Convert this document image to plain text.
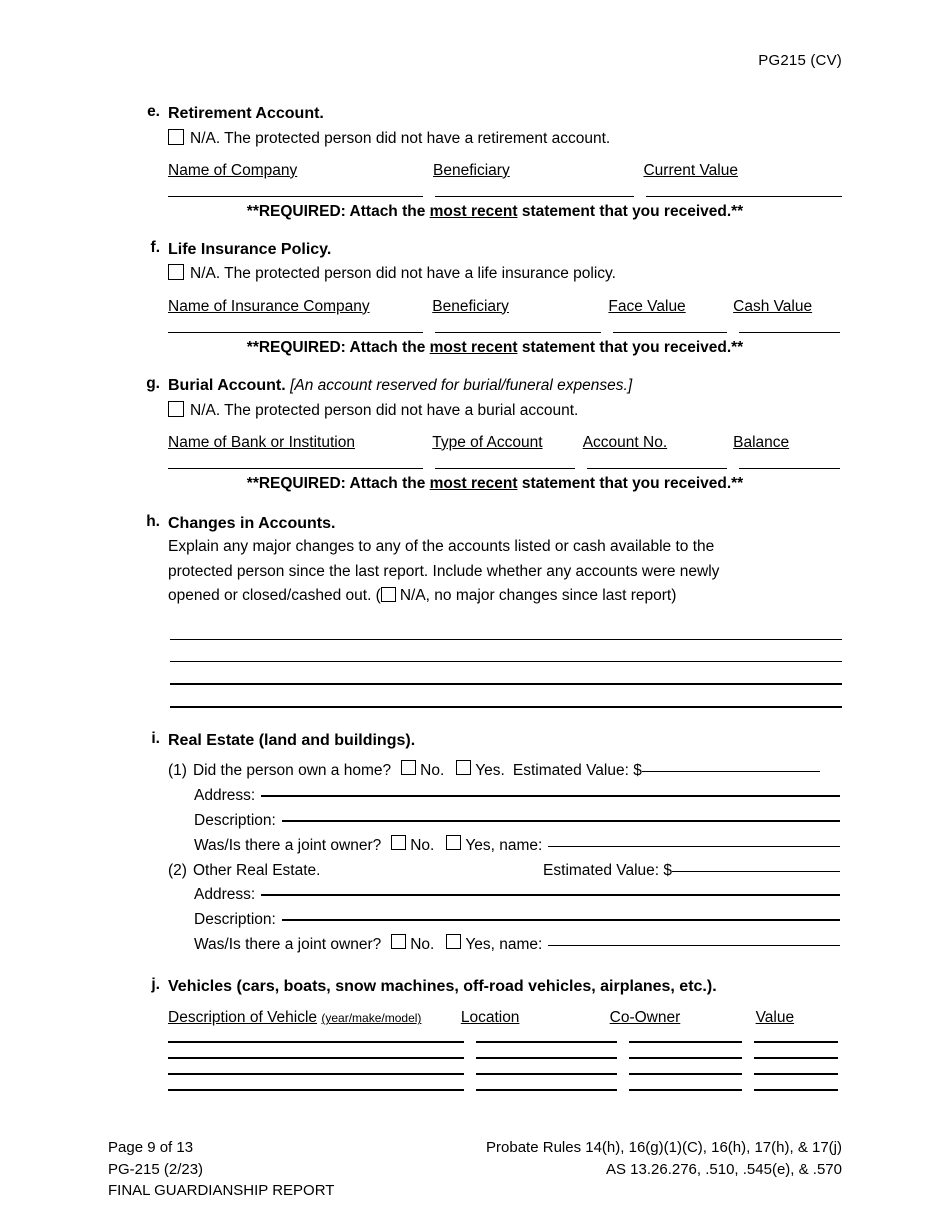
PG215 (CV)
e. Retirement Account.
N/A. The protected person did not have a retirement account.
Name of Company	Beneficiary	Current Value
**REQUIRED: Attach the most recent statement that you received.**
f. Life Insurance Policy.
N/A. The protected person did not have a life insurance policy.
Name of Insurance Company	Beneficiary	Face Value	Cash Value
**REQUIRED: Attach the most recent statement that you received.**
g. Burial Account. [An account reserved for burial/funeral expenses.]
N/A. The protected person did not have a burial account.
Name of Bank or Institution	Type of Account	Account No.	Balance
**REQUIRED: Attach the most recent statement that you received.**
h. Changes in Accounts.
Explain any major changes to any of the accounts listed or cash available to the
protected person since the last report. Include whether any accounts were newly
opened or closed/cashed out. ( N/A, no major changes since last report)
i. Real Estate (land and buildings).
(1) Did the person own a home? No. Yes. Estimated Value: $
Address:
Description:
Was/Is there a joint owner? No. Yes, name:
(2) Other Real Estate.	Estimated Value: $
Address:
Description:
Was/Is there a joint owner? No. Yes, name:
j. Vehicles (cars, boats, snow machines, off-road vehicles, airplanes, etc.).
Description of Vehicle (year/make/model)	Location	Co-Owner	Value
Page 9 of 13
PG-215 (2/23)
FINAL GUARDIANSHIP REPORT
Probate Rules 14(h), 16(g)(1)(C), 16(h), 17(h), & 17(j)
AS 13.26.276, .510, .545(e), & .570
